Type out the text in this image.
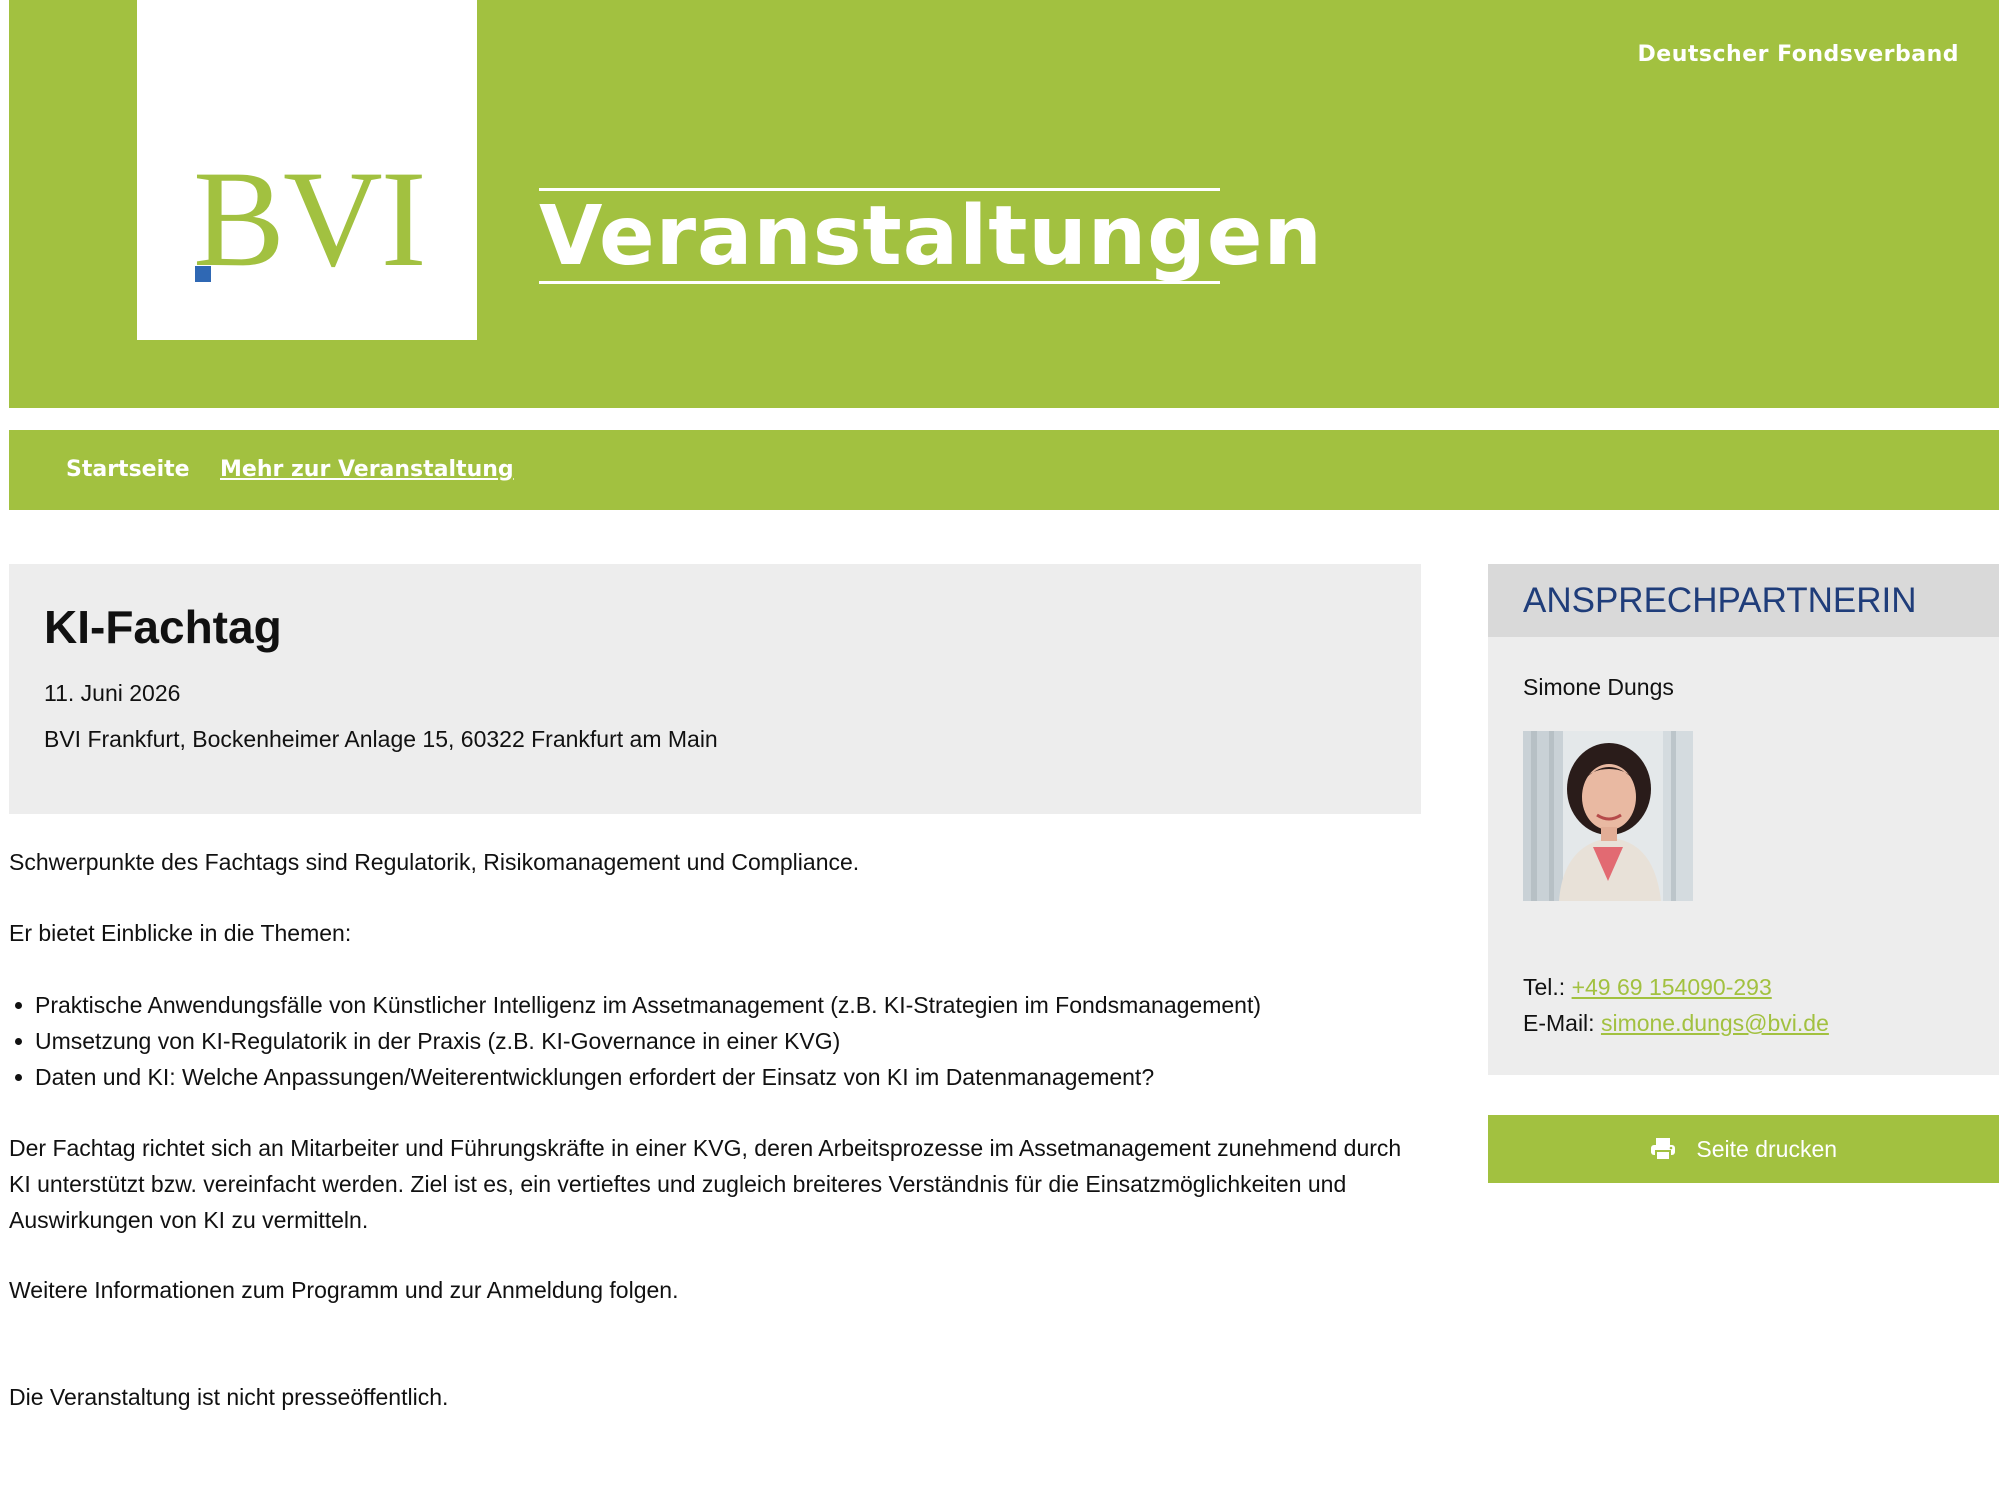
BVI Veranstaltungen
Deutscher Fondsverband
Startseite Mehr zur Veranstaltung
KI-Fachtag
11. Juni 2026
BVI Frankfurt, Bockenheimer Anlage 15, 60322 Frankfurt am Main

Schwerpunkte des Fachtags sind Regulatorik, Risikomanagement und Compliance.

Er bietet Einblicke in die Themen:

Praktische Anwendungsfälle von Künstlicher Intelligenz im Assetmanagement (z.B. KI-Strategien im Fondsmanagement)
Umsetzung von KI-Regulatorik in der Praxis (z.B. KI-Governance in einer KVG)
Daten und KI: Welche Anpassungen/Weiterentwicklungen erfordert der Einsatz von KI im Datenmanagement?

Der Fachtag richtet sich an Mitarbeiter und Führungskräfte in einer KVG, deren Arbeitsprozesse im Assetmanagement zunehmend durch KI unterstützt bzw. vereinfacht werden. Ziel ist es, ein vertieftes und zugleich breiteres Verständnis für die Einsatzmöglichkeiten und Auswirkungen von KI zu vermitteln.

Weitere Informationen zum Programm und zur Anmeldung folgen.

Die Veranstaltung ist nicht presseöffentlich.

ANSPRECHPARTNERIN
Simone Dungs
Tel.: +49 69 154090-293
E-Mail: simone.dungs@bvi.de
Seite drucken
